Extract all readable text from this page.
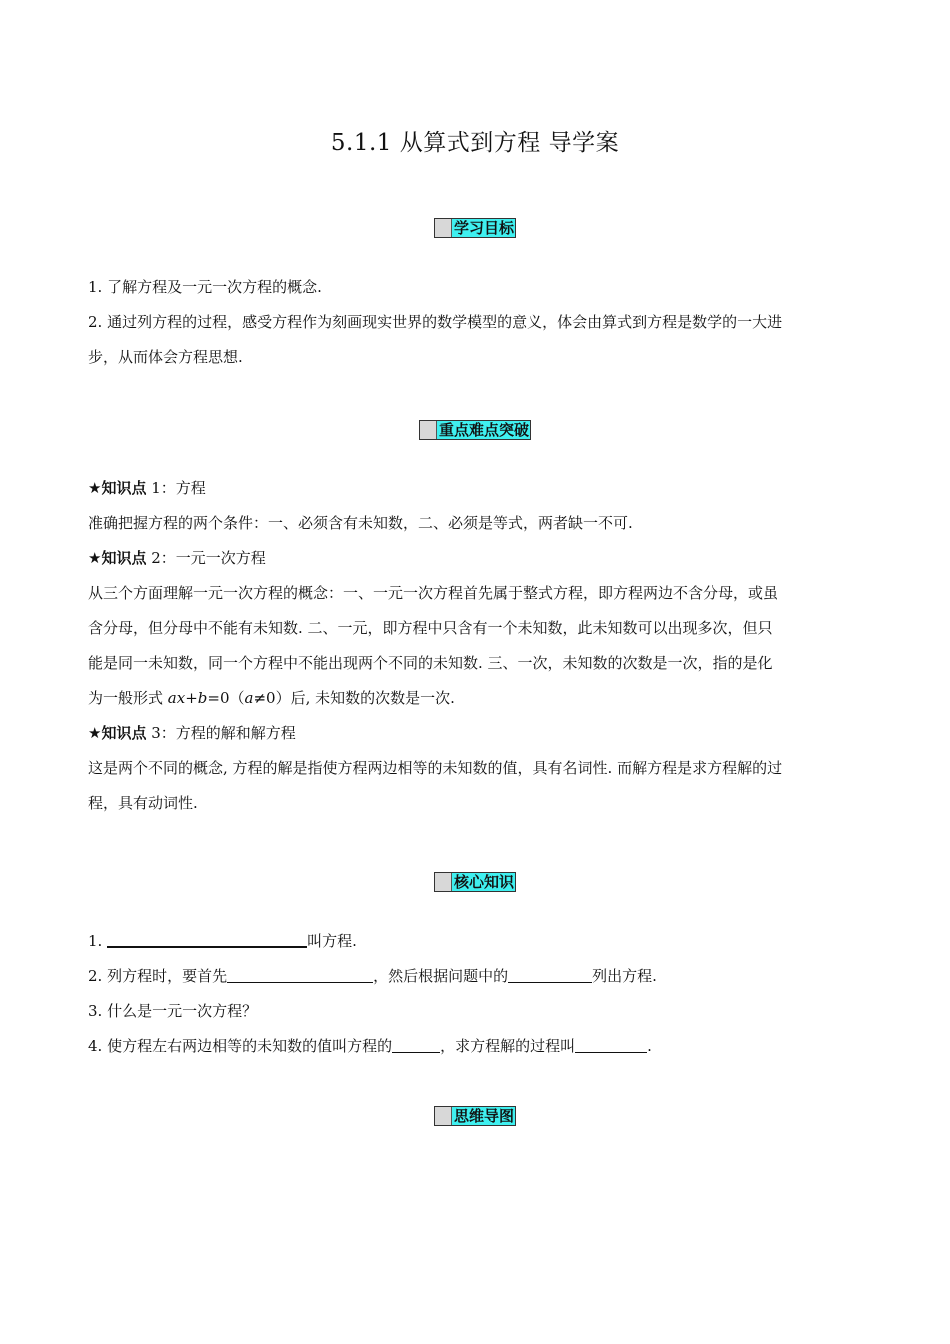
5.1.1 从算式到方程 导学案
学习目标

1. 了解方程及一元一次方程的概念.

2. 通过列方程的过程，感受方程作为刻画现实世界的数学模型的意义，体会由算式到方程是数学的一大进

步，从而体会方程思想.

重点难点突破

★知识点 1：方程

准确把握方程的两个条件：一、必须含有未知数，二、必须是等式，两者缺一不可.

★知识点 2：一元一次方程

从三个方面理解一元一次方程的概念：一、一元一次方程首先属于整式方程，即方程两边不含分母，或虽

含分母，但分母中不能有未知数. 二、一元，即方程中只含有一个未知数，此未知数可以出现多次，但只

能是同一未知数，同一个方程中不能出现两个不同的未知数. 三、一次，未知数的次数是一次，指的是化

为一般形式 ax+b=0（a≠0）后, 未知数的次数是一次.

★知识点 3：方程的解和解方程

这是两个不同的概念, 方程的解是指使方程两边相等的未知数的值，具有名词性. 而解方程是求方程解的过

程，具有动词性.

核心知识

1.	叫方程.

2. 列方程时，要首先	，然后根据问题中的	列出方程.

3. 什么是一元一次方程？

4. 使方程左右两边相等的未知数的值叫方程的	，求方程解的过程叫	.

思维导图
